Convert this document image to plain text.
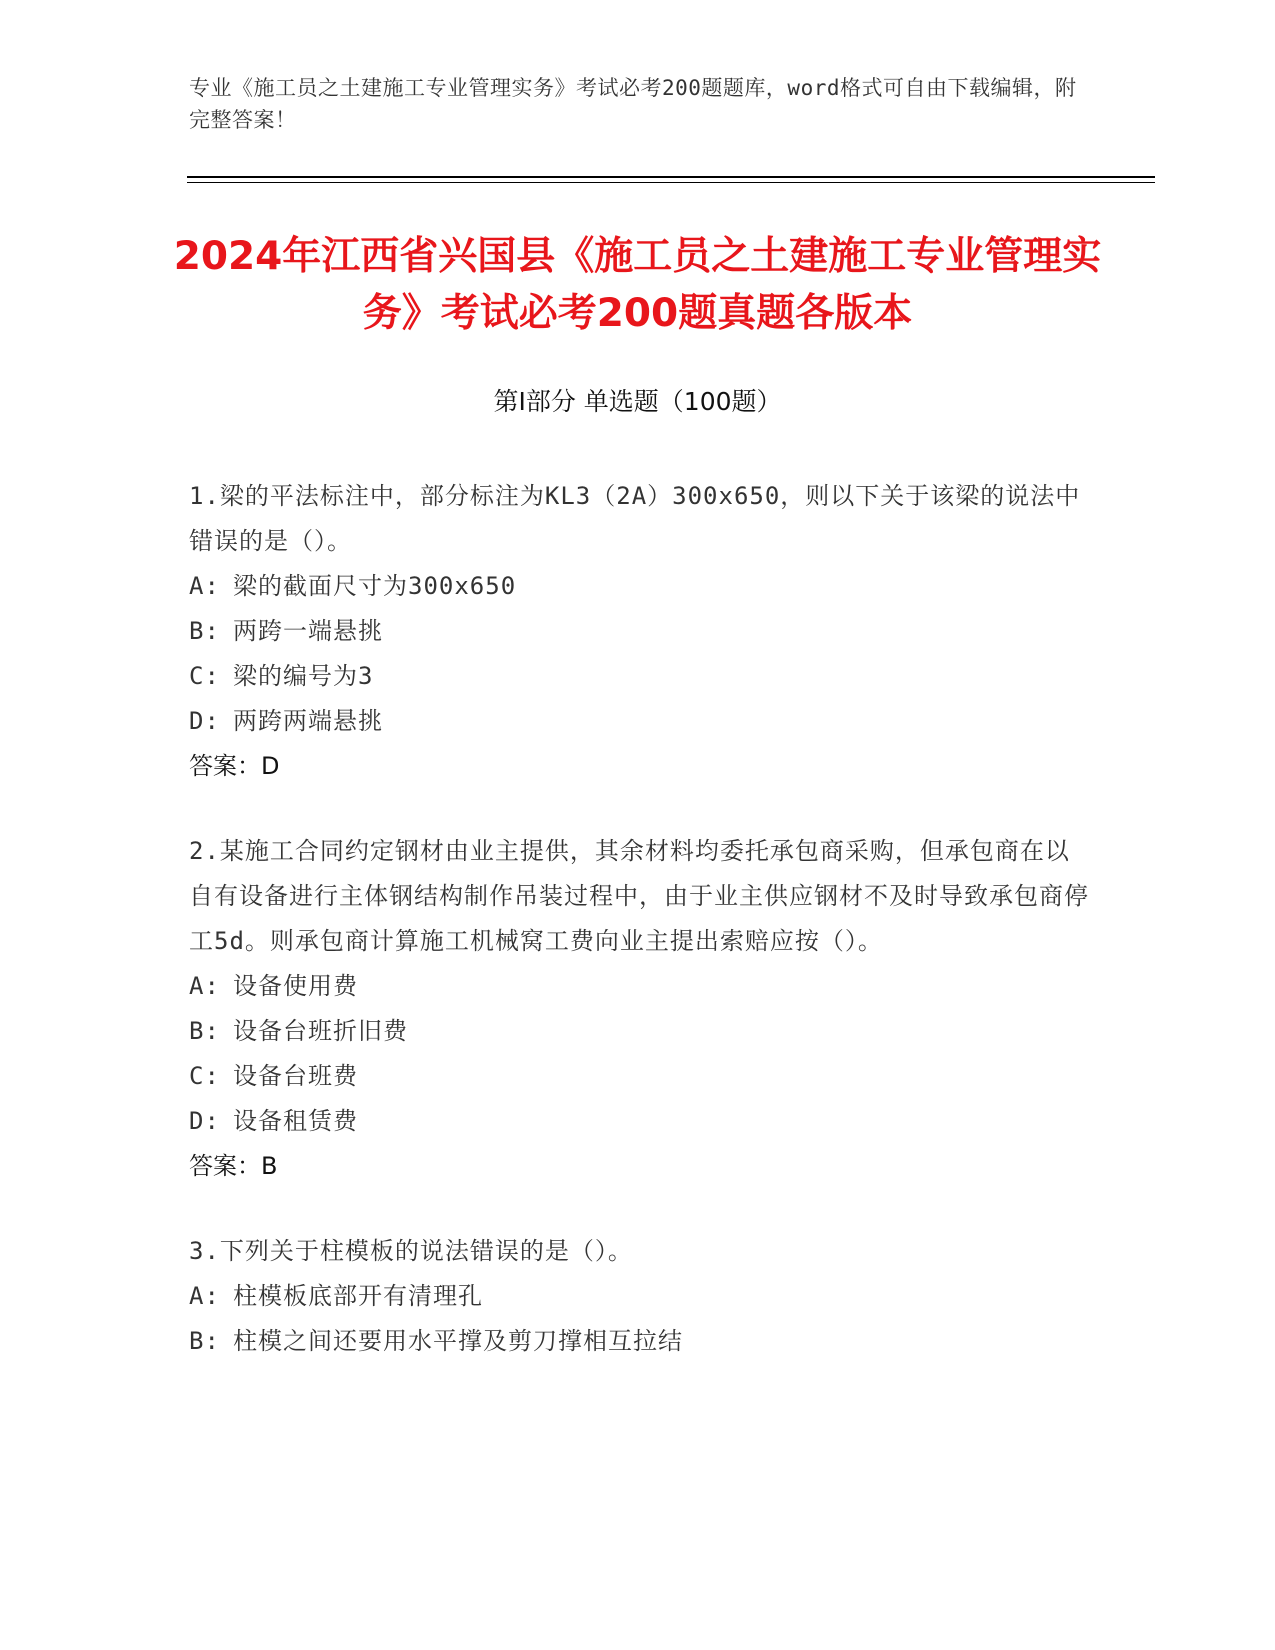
专业《施工员之土建施工专业管理实务》考试必考200题题库，word格式可自由下载编辑，附完整答案！
2024年江西省兴国县《施工员之土建施工专业管理实务》考试必考200题真题各版本
第I部分 单选题（100题）
1.梁的平法标注中，部分标注为KL3（2A）300x650，则以下关于该梁的说法中错误的是（）。
A: 梁的截面尺寸为300x650
B: 两跨一端悬挑
C: 梁的编号为3
D: 两跨两端悬挑
答案：D
2.某施工合同约定钢材由业主提供，其余材料均委托承包商采购，但承包商在以自有设备进行主体钢结构制作吊装过程中，由于业主供应钢材不及时导致承包商停工5d。则承包商计算施工机械窝工费向业主提出索赔应按（）。
A: 设备使用费
B: 设备台班折旧费
C: 设备台班费
D: 设备租赁费
答案：B
3.下列关于柱模板的说法错误的是（）。
A: 柱模板底部开有清理孔
B: 柱模之间还要用水平撑及剪刀撑相互拉结
